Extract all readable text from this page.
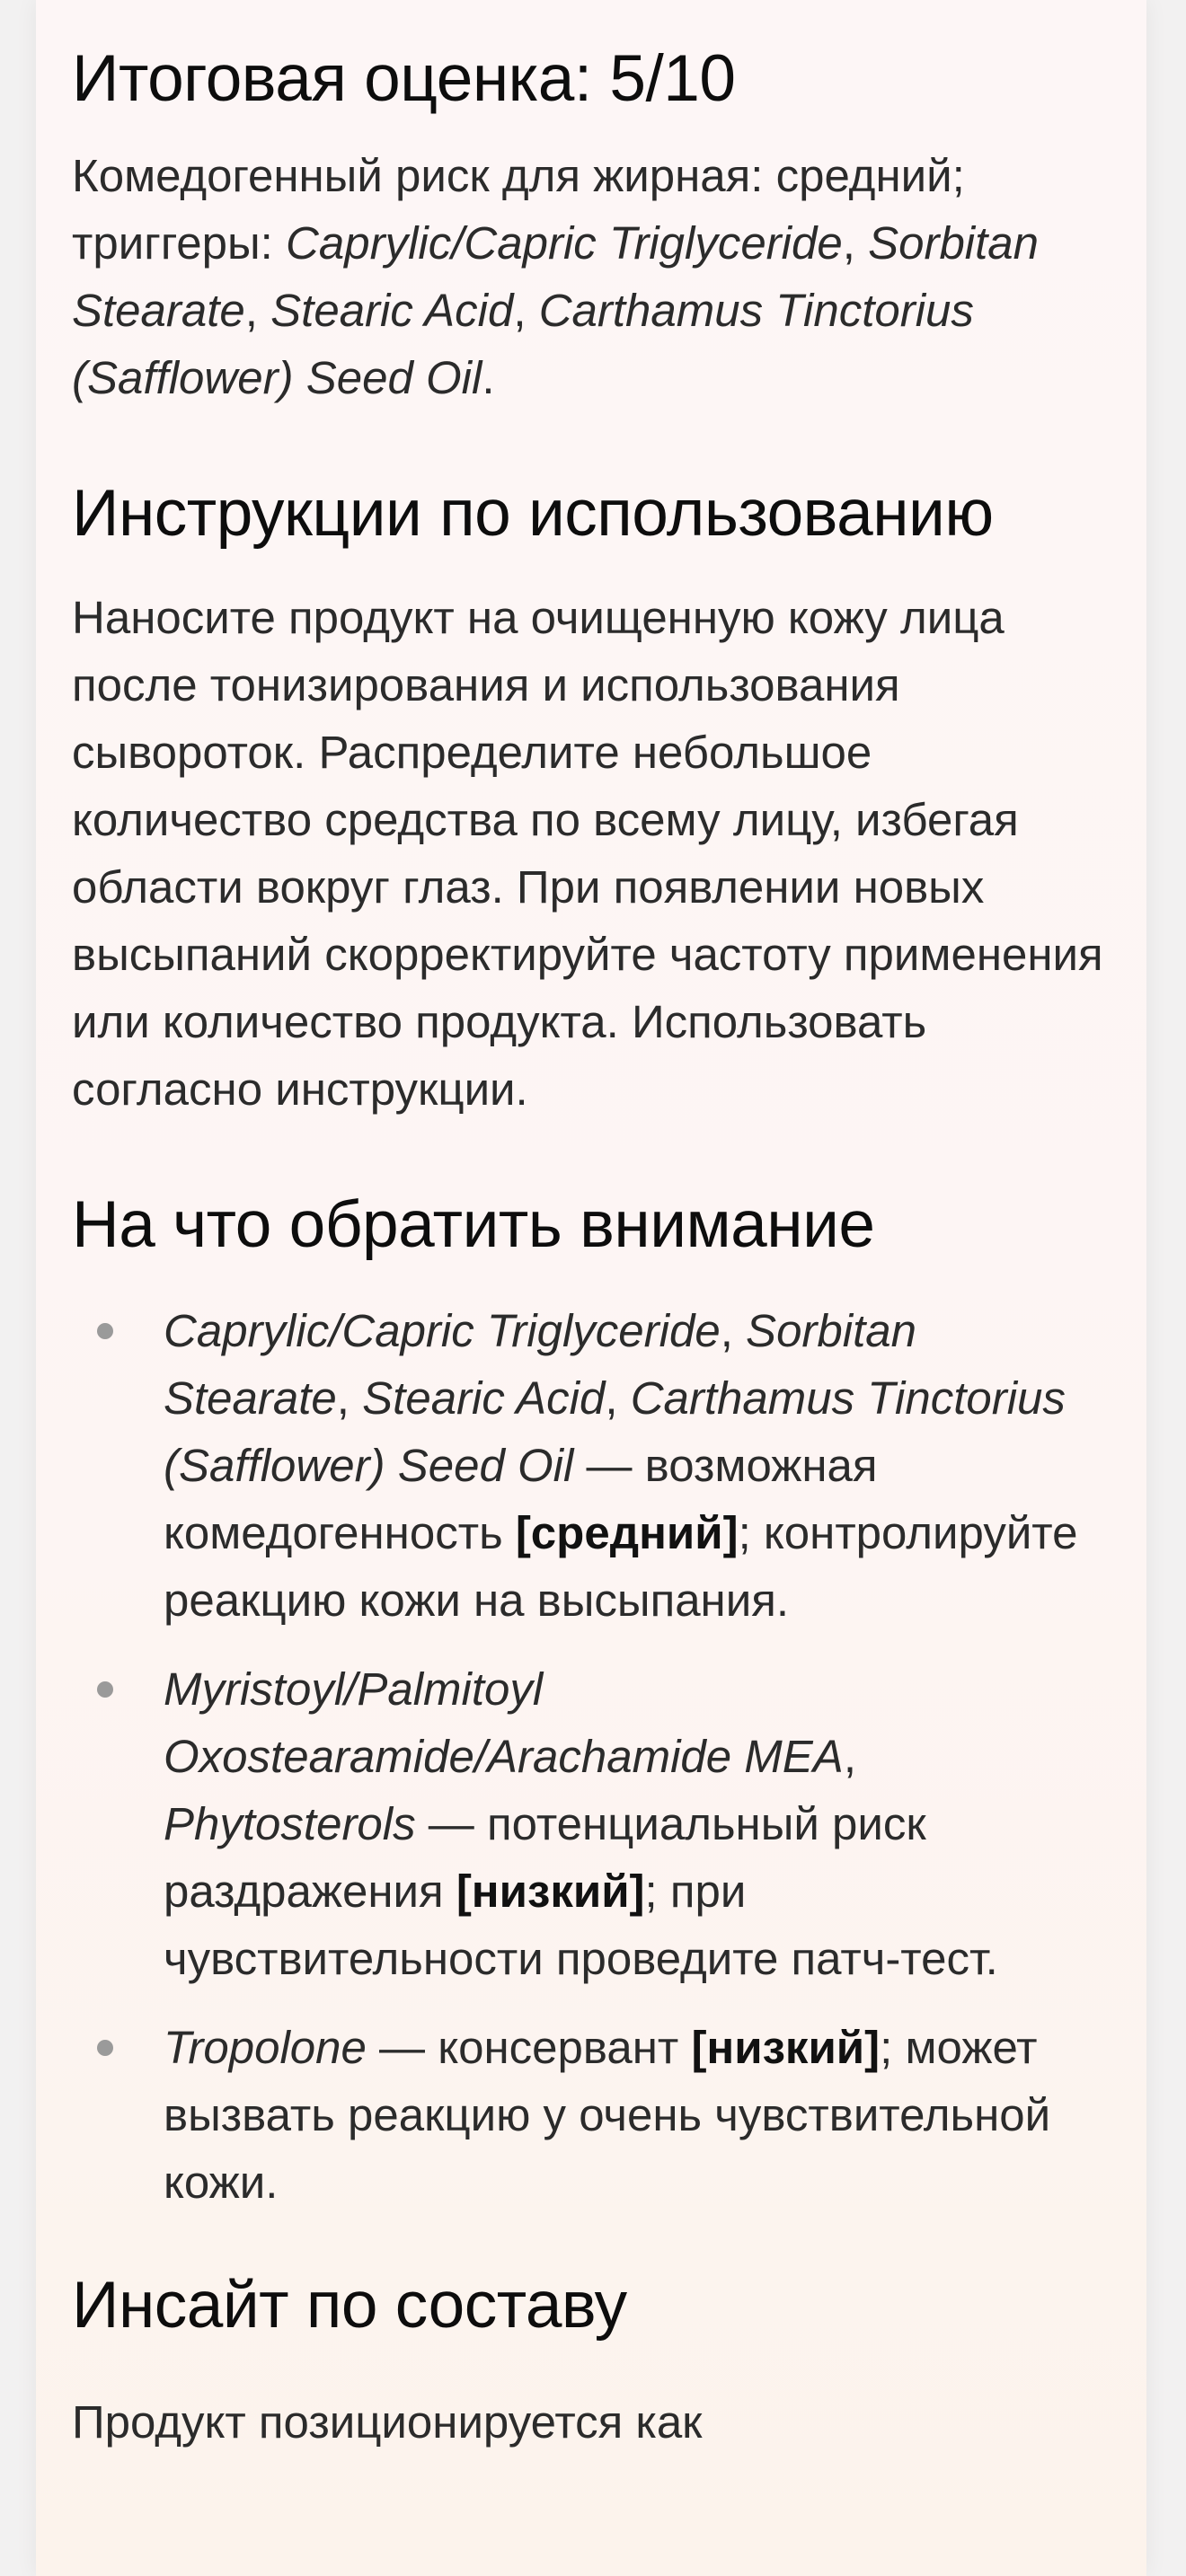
Итоговая оценка: 5/10

Комедогенный риск для жирная: средний; триггеры: Caprylic/Capric Triglyceride, Sorbitan Stearate, Stearic Acid, Carthamus Tinctorius (Safflower) Seed Oil.

Инструкции по использованию

Наносите продукт на очищенную кожу лица после тонизирования и использования сывороток. Распределите небольшое количество средства по всему лицу, избегая области вокруг глаз. При появлении новых высыпаний скорректируйте частоту применения или количество продукта. Использовать согласно инструкции.

На что обратить внимание
Caprylic/Capric Triglyceride, Sorbitan Stearate, Stearic Acid, Carthamus Tinctorius (Safflower) Seed Oil — возможная комедогенность [средний]; контролируйте реакцию кожи на высыпания.
Myristoyl/Palmitoyl Oxostearamide/Arachamide MEA, Phytosterols — потенциальный риск раздражения [низкий]; при чувствительности проведите патч-тест.
Tropolone — консервант [низкий]; может вызвать реакцию у очень чувствительной кожи.
Инсайт по составу

Продукт позиционируется как
